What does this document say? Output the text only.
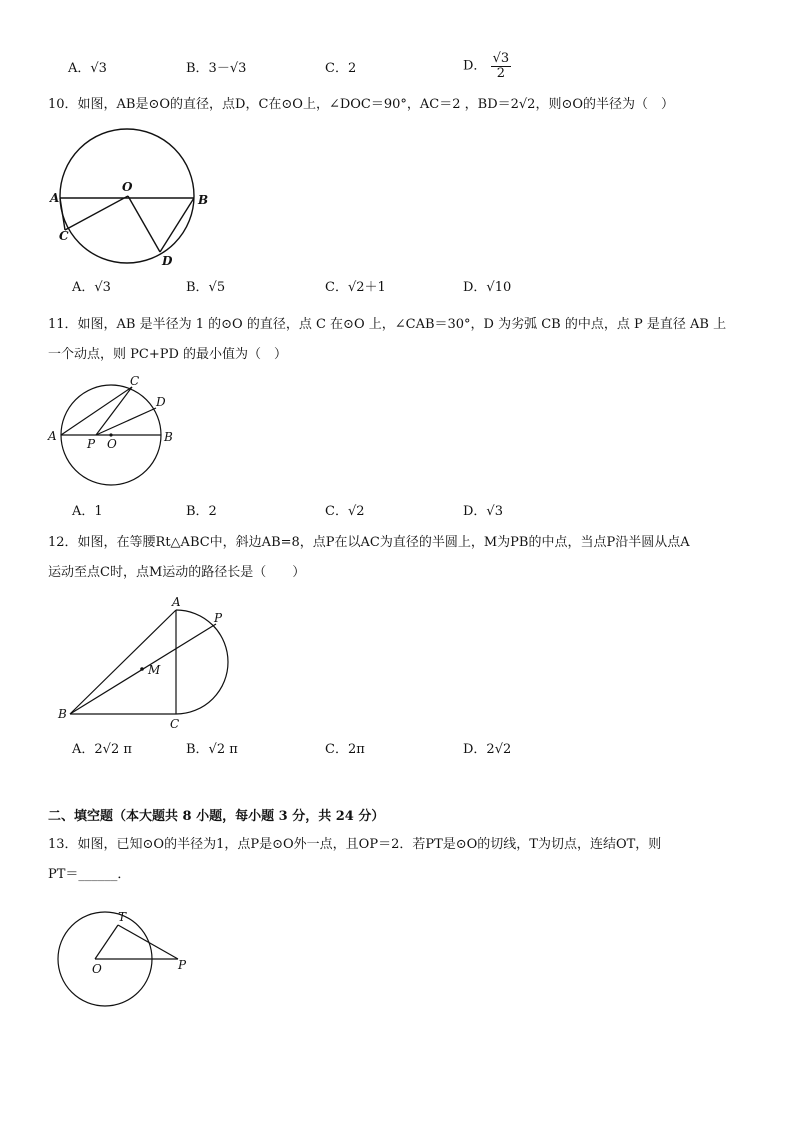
A．√3	B．3－√3	C．2	D． $\frac{√3}{2}$
10．如图，AB是⊙O的直径，点D，C在⊙O上，∠DOC＝90°，AC＝2 ，BD＝2√2，则⊙O的半径为（　）
O
A	B
C
D
A．√3	B．√5	C．√2＋1	D．√10
11．如图，AB 是半径为 1 的⊙O 的直径，点 C 在⊙O 上，∠CAB＝30°，D 为劣弧 CB 的中点，点 P 是直径 AB 上
一个动点，则 PC+PD 的最小值为（　）
A	B
C
D
P O
A．1	B．2	C．√2	D．√3
12．如图，在等腰Rt△ABC中，斜边AB=8，点P在以AC为直径的半圆上，M为PB的中点，当点P沿半圆从点A
运动至点C时，点M运动的路径长是（　　）
A
B
C
P
M
A．2√2 π	B．√2 π	C．2π	D．2√2
二、填空题（本大题共 8 小题，每小题 3 分，共 24 分）
13．如图，已知⊙O的半径为1，点P是⊙O外一点，且OP＝2．若PT是⊙O的切线，T为切点，连结OT，则
PT＝______．
T
O	P
